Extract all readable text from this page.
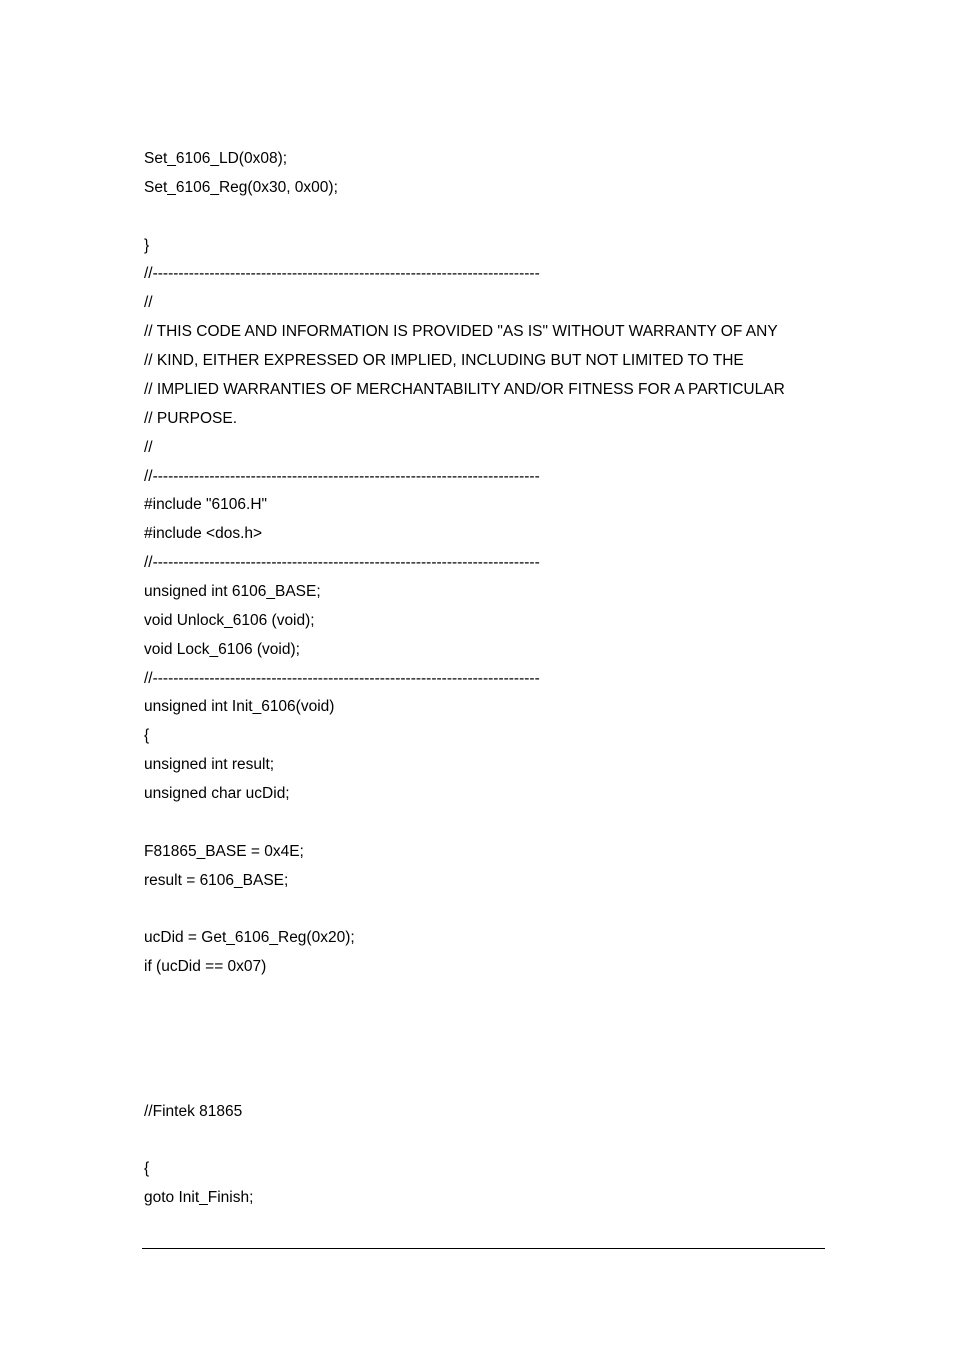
Set_6106_LD(0x08);
Set_6106_Reg(0x30, 0x00);
}
//---------------------------------------------------------------------------
//
// THIS CODE AND INFORMATION IS PROVIDED "AS IS" WITHOUT WARRANTY OF ANY
// KIND, EITHER EXPRESSED OR IMPLIED, INCLUDING BUT NOT LIMITED TO THE
// IMPLIED WARRANTIES OF MERCHANTABILITY AND/OR FITNESS FOR A PARTICULAR
// PURPOSE.
//
//---------------------------------------------------------------------------
#include "6106.H"
#include <dos.h>
//---------------------------------------------------------------------------
unsigned int 6106_BASE;
void Unlock_6106 (void);
void Lock_6106 (void);
//---------------------------------------------------------------------------
unsigned int Init_6106(void)
{
unsigned int result;
unsigned char ucDid;
F81865_BASE = 0x4E;
result = 6106_BASE;
ucDid = Get_6106_Reg(0x20);
if (ucDid == 0x07)
//Fintek 81865
{
goto Init_Finish;
